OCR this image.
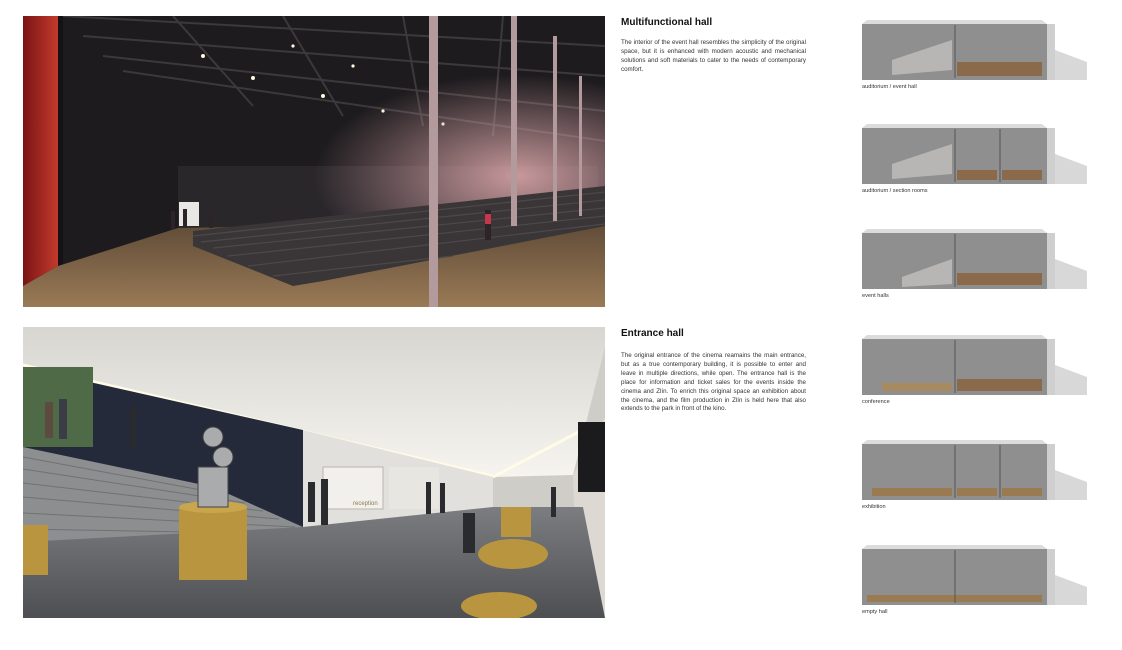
reception
Multifunctional hall
The interior of the event hall resembles the simplicity of the original space, but it is enhanced with modern acoustic and mechanical solutions and soft materials to cater to the needs of contemporary comfort.
Entrance hall
The original entrance of the cinema reamains the main entrance, but as a true contemporary building, it is possible to enter and leave in multiple directions, while open. The entrance hall is the place for information and ticket sales for the events inside the cinema and Zlín. To enrich this original space an exhibition about the cinema, and the film production in Zlín is held here that also extends to the park in front of the kino.
auditorium / event hall
auditorium / section rooms
event halls
conference
exhibition
empty hall
